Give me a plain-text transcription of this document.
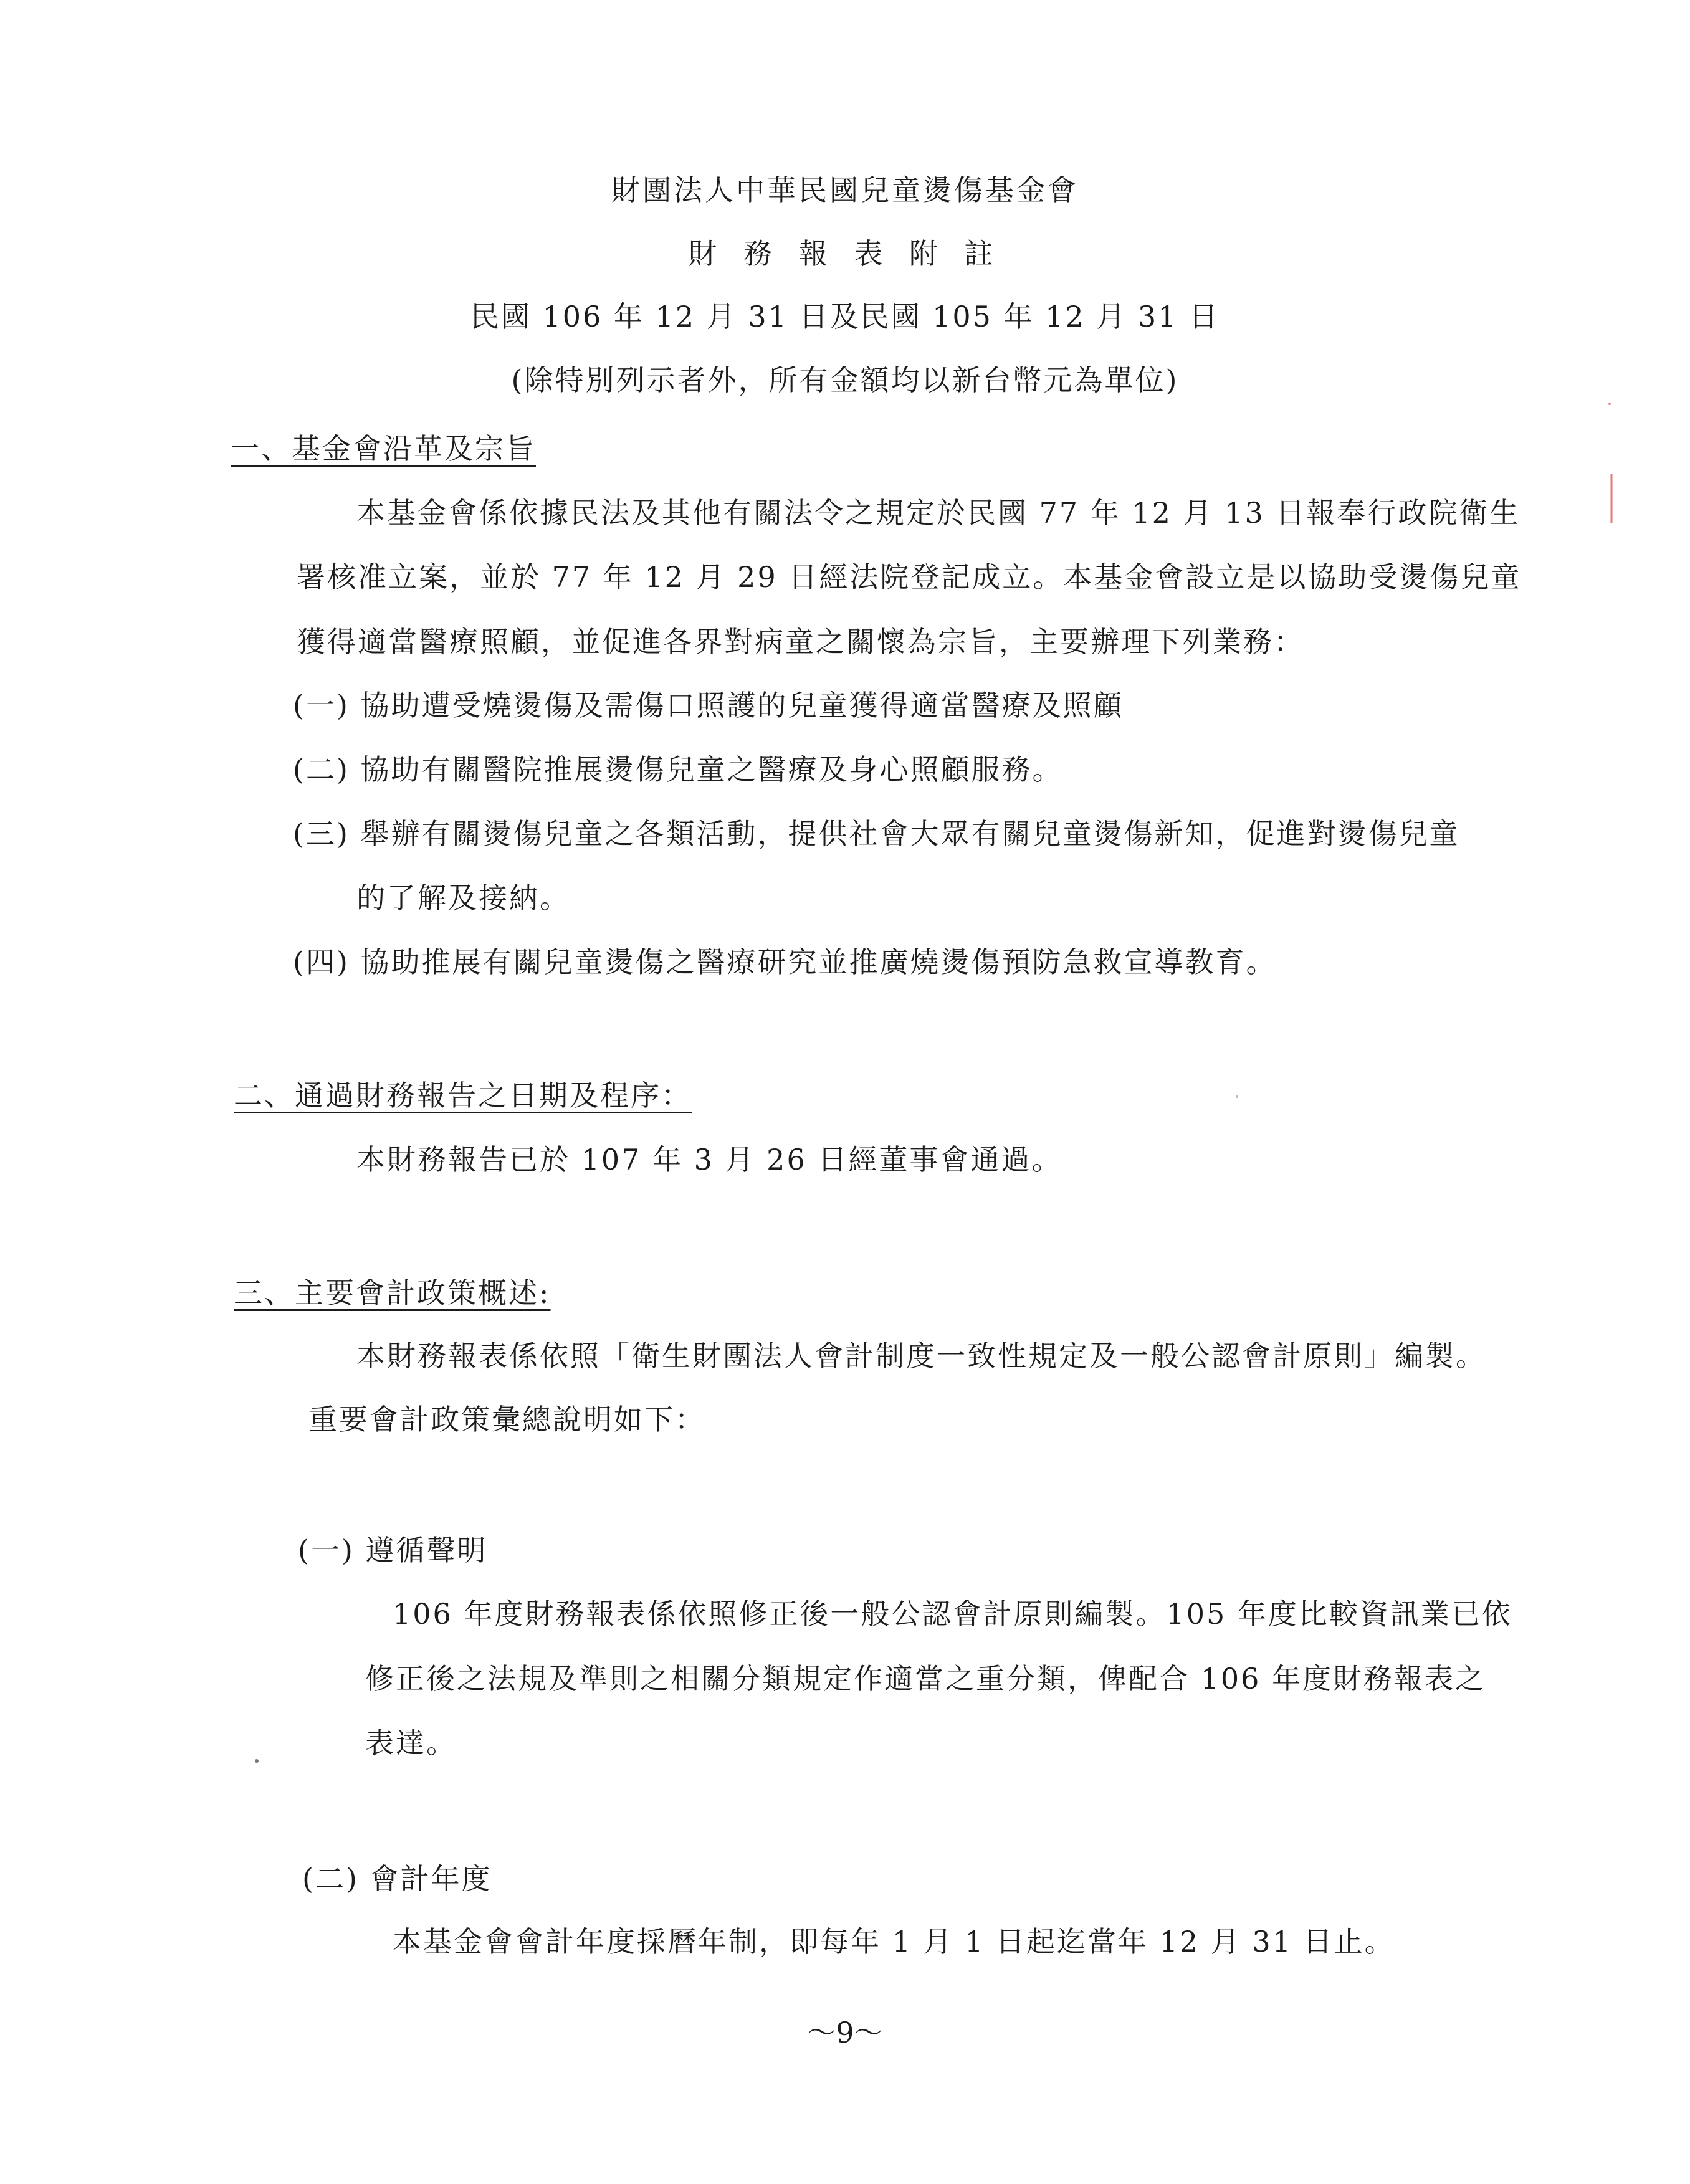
財團法人中華民國兒童燙傷基金會
財 務 報 表 附 註
民國 106 年 12 月 31 日及民國 105 年 12 月 31 日
(除特別列示者外，所有金額均以新台幣元為單位)
一、基金會沿革及宗旨
本基金會係依據民法及其他有關法令之規定於民國 77 年 12 月 13 日報奉行政院衛生
署核准立案，並於 77 年 12 月 29 日經法院登記成立。本基金會設立是以協助受燙傷兒童
獲得適當醫療照顧，並促進各界對病童之關懷為宗旨，主要辦理下列業務：
(一) 協助遭受燒燙傷及需傷口照護的兒童獲得適當醫療及照顧
(二) 協助有關醫院推展燙傷兒童之醫療及身心照顧服務。
(三) 舉辦有關燙傷兒童之各類活動，提供社會大眾有關兒童燙傷新知，促進對燙傷兒童
的了解及接納。
(四) 協助推展有關兒童燙傷之醫療研究並推廣燒燙傷預防急救宣導教育。
二、通過財務報告之日期及程序：
本財務報告已於 107 年 3 月 26 日經董事會通過。
三、主要會計政策概述:
本財務報表係依照「衛生財團法人會計制度一致性規定及一般公認會計原則」編製。
重要會計政策彙總說明如下：
(一) 遵循聲明
106 年度財務報表係依照修正後一般公認會計原則編製。105 年度比較資訊業已依
修正後之法規及準則之相關分類規定作適當之重分類，俾配合 106 年度財務報表之
表達。
(二) 會計年度
本基金會會計年度採曆年制，即每年 1 月 1 日起迄當年 12 月 31 日止。
～9～
